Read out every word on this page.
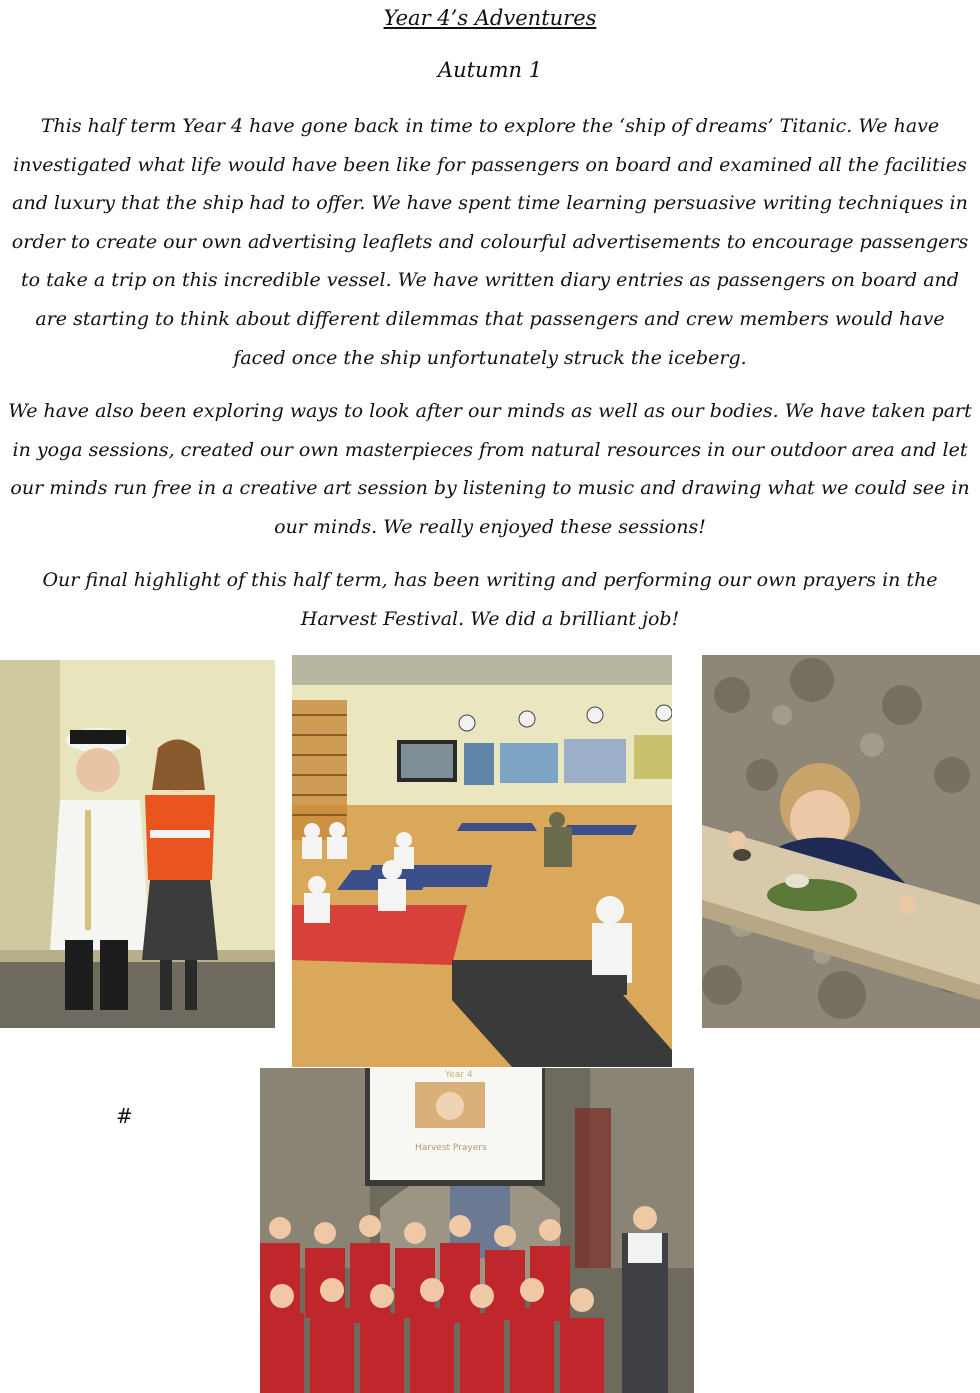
Year 4’s Adventures
Autumn 1

This half term Year 4 have gone back in time to explore the ‘ship of dreams’ Titanic. We have investigated what life would have been like for passengers on board and examined all the facilities and luxury that the ship had to offer. We have spent time learning persuasive writing techniques in order to create our own advertising leaflets and colourful advertisements to encourage passengers to take a trip on this incredible vessel. We have written diary entries as passengers on board and are starting to think about different dilemmas that passengers and crew members would have faced once the ship unfortunately struck the iceberg.

We have also been exploring ways to look after our minds as well as our bodies. We have taken part in yoga sessions, created our own masterpieces from natural resources in our outdoor area and let our minds run free in a creative art session by listening to music and drawing what we could see in our minds. We really enjoyed these sessions!

Our final highlight of this half term, has been writing and performing our own prayers in the Harvest Festival. We did a brilliant job!

#
Year 4
Harvest Prayers
